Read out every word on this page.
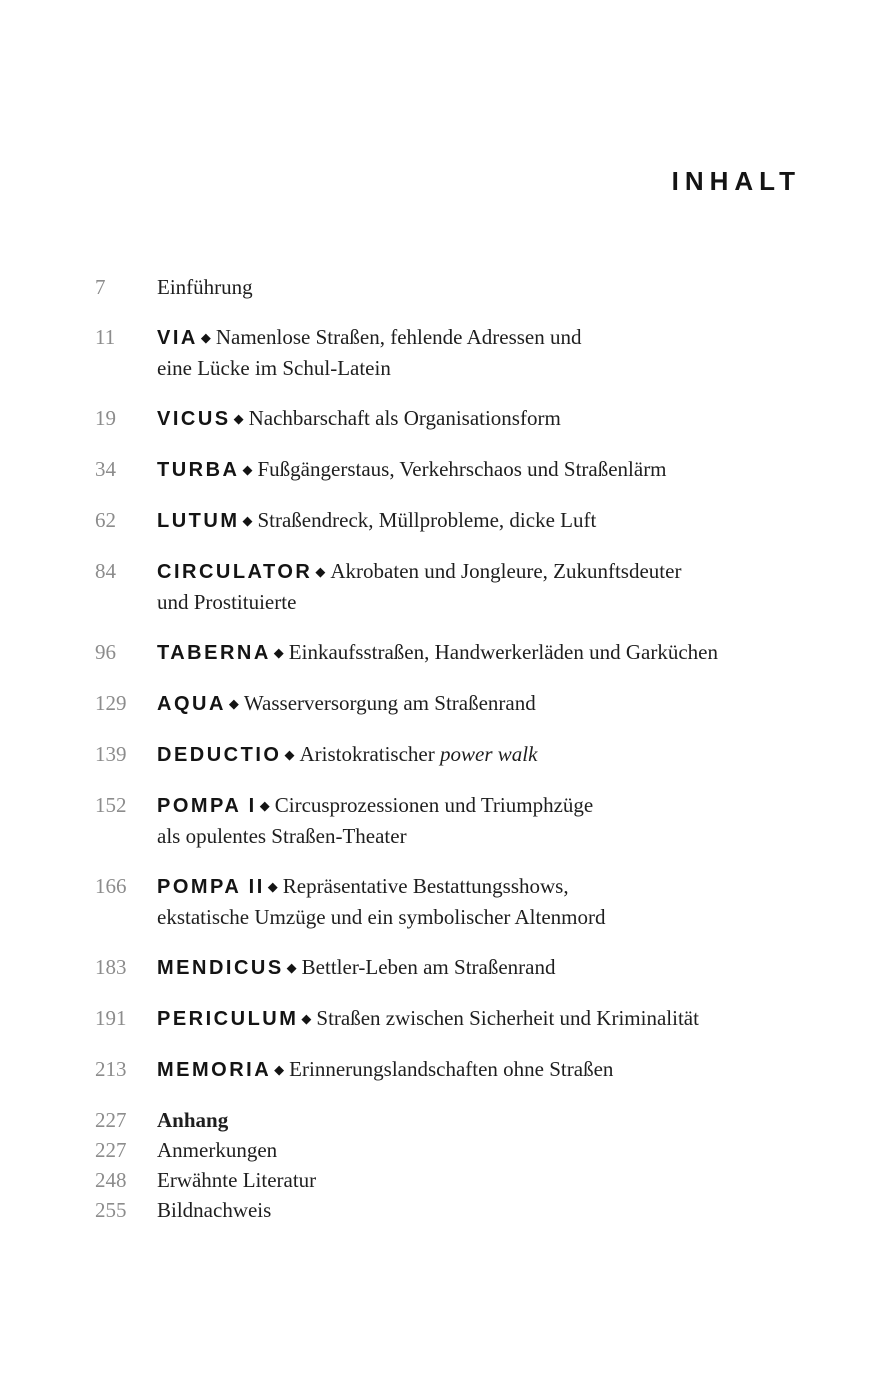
INHALT
7	Einführung
11	VIA ◆ Namenlose Straßen, fehlende Adressen und
eine Lücke im Schul-Latein
19	VICUS ◆ Nachbarschaft als Organisationsform
34	TURBA ◆ Fußgängerstaus, Verkehrschaos und Straßenlärm
62	LUTUM ◆ Straßendreck, Müllprobleme, dicke Luft
84	CIRCULATOR ◆ Akrobaten und Jongleure, Zukunftsdeuter
und Prostituierte
96	TABERNA ◆ Einkaufsstraßen, Handwerkerläden und Garküchen
129	AQUA ◆ Wasserversorgung am Straßenrand
139	DEDUCTIO ◆ Aristokratischer power walk
152	POMPA I ◆ Circusprozessionen und Triumphzüge
als opulentes Straßen-Theater
166	POMPA II ◆ Repräsentative Bestattungsshows,
ekstatische Umzüge und ein symbolischer Altenmord
183	MENDICUS ◆ Bettler-Leben am Straßenrand
191	PERICULUM ◆ Straßen zwischen Sicherheit und Kriminalität
213	MEMORIA ◆ Erinnerungslandschaften ohne Straßen
227	Anhang
227	Anmerkungen
248	Erwähnte Literatur
255	Bildnachweis
